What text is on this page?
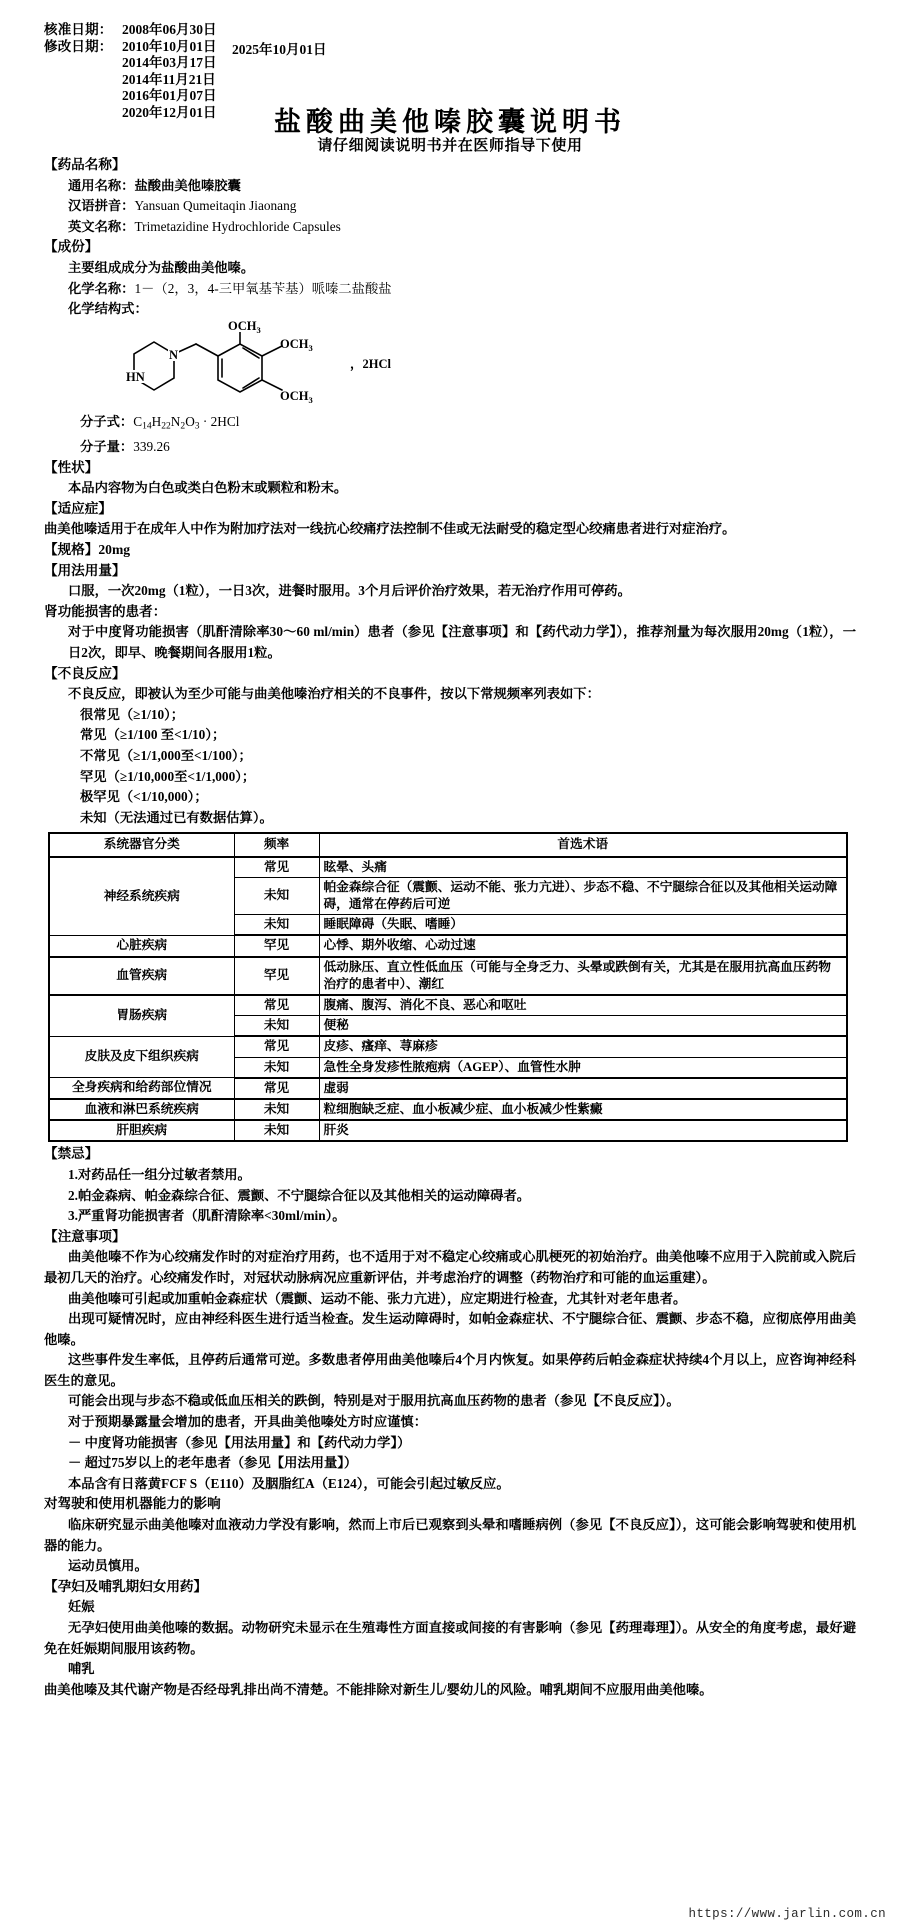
核准日期： 2008年06月30日
修改日期： 2010年10月01日
2014年03月17日
2014年11月21日
2016年01月07日
2020年12月01日
2025年10月01日
盐酸曲美他嗪胶囊说明书
请仔细阅读说明书并在医师指导下使用
【药品名称】
通用名称：盐酸曲美他嗪胶囊
汉语拼音：Yansuan Qumeitaqin Jiaonang
英文名称：Trimetazidine Hydrochloride Capsules
【成份】
主要组成成分为盐酸曲美他嗪。
化学名称：1－（2，3，4-三甲氧基苄基）哌嗪二盐酸盐
化学结构式：
HN
N
$OCH_3$
$OCH_3$
$OCH_3$
，2HCl
分子式：$C_{14}H_{22}N_2O_3 \cdot 2HCl$
分子量：339.26
【性状】
本品内容物为白色或类白色粉末或颗粒和粉末。
【适应症】
曲美他嗪适用于在成年人中作为附加疗法对一线抗心绞痛疗法控制不佳或无法耐受的稳定型心绞痛患者进行对症治疗。
【规格】20mg
【用法用量】
口服，一次20mg（1粒），一日3次，进餐时服用。3个月后评价治疗效果，若无治疗作用可停药。
肾功能损害的患者：
对于中度肾功能损害（肌酐清除率30～60 ml/min）患者（参见【注意事项】和【药代动力学】），推荐剂量为每次服用20mg（1粒），一日2次，即早、晚餐期间各服用1粒。
【不良反应】
不良反应，即被认为至少可能与曲美他嗪治疗相关的不良事件，按以下常规频率列表如下：
很常见（≥1/10）；
常见（≥1/100 至<1/10）；
不常见（≥1/1,000至<1/100）；
罕见（≥1/10,000至<1/1,000）；
极罕见（<1/10,000）；
未知（无法通过已有数据估算）。
系统器官分类	频率	首选术语
神经系统疾病	常见	眩晕、头痛
	未知	帕金森综合征（震颤、运动不能、张力亢进）、步态不稳、不宁腿综合征以及其他相关运动障碍，通常在停药后可逆
	未知	睡眠障碍（失眠、嗜睡）
心脏疾病	罕见	心悸、期外收缩、心动过速
血管疾病	罕见	低动脉压、直立性低血压（可能与全身乏力、头晕或跌倒有关，尤其是在服用抗高血压药物治疗的患者中）、潮红
胃肠疾病	常见	腹痛、腹泻、消化不良、恶心和呕吐
	未知	便秘
皮肤及皮下组织疾病	常见	皮疹、瘙痒、荨麻疹
	未知	急性全身发疹性脓疱病（AGEP）、血管性水肿
全身疾病和给药部位情况	常见	虚弱
血液和淋巴系统疾病	未知	粒细胞缺乏症、血小板减少症、血小板减少性紫癜
肝胆疾病	未知	肝炎
【禁忌】
1.对药品任一组分过敏者禁用。
2.帕金森病、帕金森综合征、震颤、不宁腿综合征以及其他相关的运动障碍者。
3.严重肾功能损害者（肌酐清除率<30ml/min）。
【注意事项】
曲美他嗪不作为心绞痛发作时的对症治疗用药，也不适用于对不稳定心绞痛或心肌梗死的初始治疗。曲美他嗪不应用于入院前或入院后最初几天的治疗。心绞痛发作时，对冠状动脉病况应重新评估，并考虑治疗的调整（药物治疗和可能的血运重建）。
曲美他嗪可引起或加重帕金森症状（震颤、运动不能、张力亢进），应定期进行检查，尤其针对老年患者。
出现可疑情况时，应由神经科医生进行适当检查。发生运动障碍时，如帕金森症状、不宁腿综合征、震颤、步态不稳，应彻底停用曲美他嗪。
这些事件发生率低，且停药后通常可逆。多数患者停用曲美他嗪后4个月内恢复。如果停药后帕金森症状持续4个月以上，应咨询神经科医生的意见。
可能会出现与步态不稳或低血压相关的跌倒，特别是对于服用抗高血压药物的患者（参见【不良反应】）。
对于预期暴露量会增加的患者，开具曲美他嗪处方时应谨慎：
－ 中度肾功能损害（参见【用法用量】和【药代动力学】）
－ 超过75岁以上的老年患者（参见【用法用量】）
本品含有日落黄FCF S（E110）及胭脂红A（E124），可能会引起过敏反应。
对驾驶和使用机器能力的影响
临床研究显示曲美他嗪对血液动力学没有影响，然而上市后已观察到头晕和嗜睡病例（参见【不良反应】），这可能会影响驾驶和使用机器的能力。
运动员慎用。
【孕妇及哺乳期妇女用药】
妊娠
无孕妇使用曲美他嗪的数据。动物研究未显示在生殖毒性方面直接或间接的有害影响（参见【药理毒理】）。从安全的角度考虑，最好避免在妊娠期间服用该药物。
哺乳
曲美他嗪及其代谢产物是否经母乳排出尚不清楚。不能排除对新生儿/婴幼儿的风险。哺乳期间不应服用曲美他嗪。
https://www.jarlin.com.cn
